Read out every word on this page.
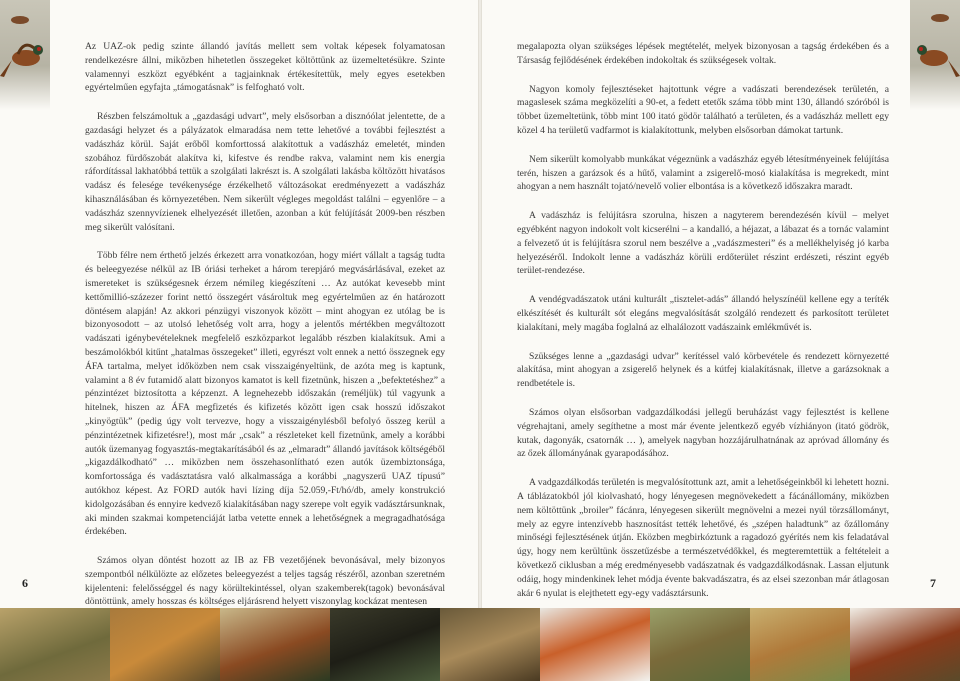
Az UAZ-ok pedig szinte állandó javítás mellett sem voltak képesek folyamatosan rendelkezésre állni, miközben hihetetlen összegeket költöttünk az üzemeltetésükre. Szinte valamennyi eszközt egyébként a tagjainknak értékesítettük, mely egyes esetekben egyértelműen egyfajta „támogatásnak” is felfogható volt.

Részben felszámoltuk a „gazdasági udvart”, mely elsősorban a disznóólat jelentette, de a gazdasági helyzet és a pályázatok elmaradása nem tette lehetővé a további fejlesztést a vadászház körül. Saját erőből komforttossá alakítottuk a vadászház emeletét, minden szobához fürdőszobát alakítva ki, kifestve és rendbe rakva, valamint nem kis energia ráfordítással lakhatóbbá tettük a szolgálati lakrészt is. A szolgálati lakásba költözött hivatásos vadász és felesége tevékenysége érzékelhető változásokat eredményezett a vadászház kihasználásában és környezetében. Nem sikerült végleges megoldást találni – egyenlőre – a vadászház szennyvízienek elhelyezését illetően, azonban a kút felújítását 2009-ben részben meg sikerült valósítani.

Több félre nem érthető jelzés érkezett arra vonatkozóan, hogy miért vállalt a tagság tudta és beleegyezése nélkül az IB óriási terheket a három terepjáró megvásárlásával, ezeket az ismereteket is szükségesnek érzem némileg kiegészíteni … Az autókat kevesebb mint kettőmillió-százezer forint nettó összegért vásároltuk meg egyértelműen az én határozott döntésem alapján! Az akkori pénzügyi viszonyok között – mint ahogyan ez utólag be is bizonyosodott – az utolsó lehetőség volt arra, hogy a jelentős mértékben megváltozott vadászati igénybevételeknek megfelelő eszközparkot legalább részben kialakítsuk. Ami a beszámolókból kitűnt „hatalmas összegeket” illeti, egyrészt volt ennek a nettó összegnek egy ÁFA tartalma, melyet időközben nem csak visszaigényeltünk, de azóta meg is kaptunk, valamint a 8 év futamidő alatt bizonyos kamatot is kell fizetnünk, hiszen a „befektetéshez” a pénzintézet biztosította a képzenzt. A legnehezebb időszakán (reméljük) túl vagyunk a hitelnek, hiszen az ÁFA megfizetés és kifizetés között igen csak hosszú időszakot „kinyögtük” (pedig úgy volt tervezve, hogy a visszaigénylésből befolyó összeg kerül a pénzintézetnek kifizetésre!), most már „csak” a részleteket kell fizetnünk, amely a korábbi autók üzemanyag fogyasztás-megtakarításából és az „elmaradt” állandó javítások költségéből „kigazdálkodható” … miközben nem összehasonlítható ezen autók üzembiztonsága, komfortossága és vadásztatásra való alkalmassága a korábbi „nagyszerű UAZ típusú” autókhoz képest. Az FORD autók havi lízing díja 52.059,-Ft/hó/db, amely konstrukció kidolgozásában és ennyire kedvező kialakításában nagy szerepe volt egyik vadásztársunknak, aki minden szakmai kompetenciáját latba vetette ennek a lehetőségnek a megragadhatósága érdekében.

Számos olyan döntést hozott az IB az FB vezetőjének bevonásával, mely bizonyos szempontból nélkülözte az előzetes beleegyezést a teljes tagság részéről, azonban szeretném kijelenteni: felelősséggel és nagy körültekintéssel, olyan szakemberek(tagok) bevonásával döntöttünk, amely hosszas és költséges eljárásrend helyett viszonylag kockázat mentesen

6

megalapozta olyan szükséges lépések megtételét, melyek bizonyosan a tagság érdekében és a Társaság fejlődésének érdekében indokoltak és szükségesek voltak.

Nagyon komoly fejlesztéseket hajtottunk végre a vadászati berendezések területén, a magaslesek száma megközelíti a 90-et, a fedett etetők száma több mint 130, állandó szóróból is többet üzemeltetünk, több mint 100 itató gödör található a területen, és a vadászház mellett egy közel 4 ha területű vadfarmot is kialakítottunk, melyben elsősorban dámokat tartunk.

Nem sikerült komolyabb munkákat végeznünk a vadászház egyéb létesítményeinek felújítása terén, hiszen a garázsok és a hűtő, valamint a zsigerelő-mosó kialakítása is megrekedt, mint ahogyan a nem használt tojató/nevelő volier elbontása is a következő időszakra maradt.

A vadászház is felújításra szorulna, hiszen a nagyterem berendezésén kívül – melyet egyébként nagyon indokolt volt kicserélni – a kandalló, a héjazat, a lábazat és a tornác valamint a felvezető út is felújításra szorul nem beszélve a „vadászmesteri” és a mellékhelyiség jó karba helyezéséről. Indokolt lenne a vadászház körüli erdőterület részint erdészeti, részint egyéb terület-rendezése.

A vendégvadászatok utáni kulturált „tisztelet-adás” állandó helyszínéül kellene egy a teríték elkészítését és kulturált sót elegáns megvalósítását szolgáló rendezett és parkosított területet kialakítani, mely magába foglalná az elhalálozott vadászaink emlékművét is.

Szükséges lenne a „gazdasági udvar” kerítéssel való körbevétele és rendezett környezetté alakítása, mint ahogyan a zsigerelő helynek és a kútfej kialakításnak, illetve a garázsoknak a rendbetétele is.

Számos olyan elsősorban vadgazdálkodási jellegű beruházást vagy fejlesztést is kellene végrehajtani, amely segíthetne a most már évente jelentkező egyéb vízhiányon (itató gödrök, kutak, dagonyák, csatornák … ), amelyek nagyban hozzájárulhatnának az apróvad állomány és az őzek állományának gyarapodásához.

A vadgazdálkodás területén is megvalósítottunk azt, amit a lehetőségeinkből ki lehetett hozni. A táblázatokból jól kiolvasható, hogy lényegesen megnövekedett a fácánállomány, miközben nem költöttünk „broiler” fácánra, lényegesen sikerült megnövelni a mezei nyúl törzsállományt, mely az egyre intenzívebb hasznosítást tették lehetővé, és „szépen haladtunk” az őzállomány minőségi fejlesztésének útján. Eközben megbirkóztunk a ragadozó gyérítés nem kis feladatával úgy, hogy nem kerültünk összetűzésbe a természetvédőkkel, és megteremtettük a feltételeit a következő ciklusban a még eredményesebb vadászatnak és vadgazdálkodásnak. Lassan eljutunk odáig, hogy mindenkinek lehet módja évente bakvadászatra, és az elsei szezonban már átlagosan akár 6 nyulat is elejthetett egy-egy vadásztársunk.

7
